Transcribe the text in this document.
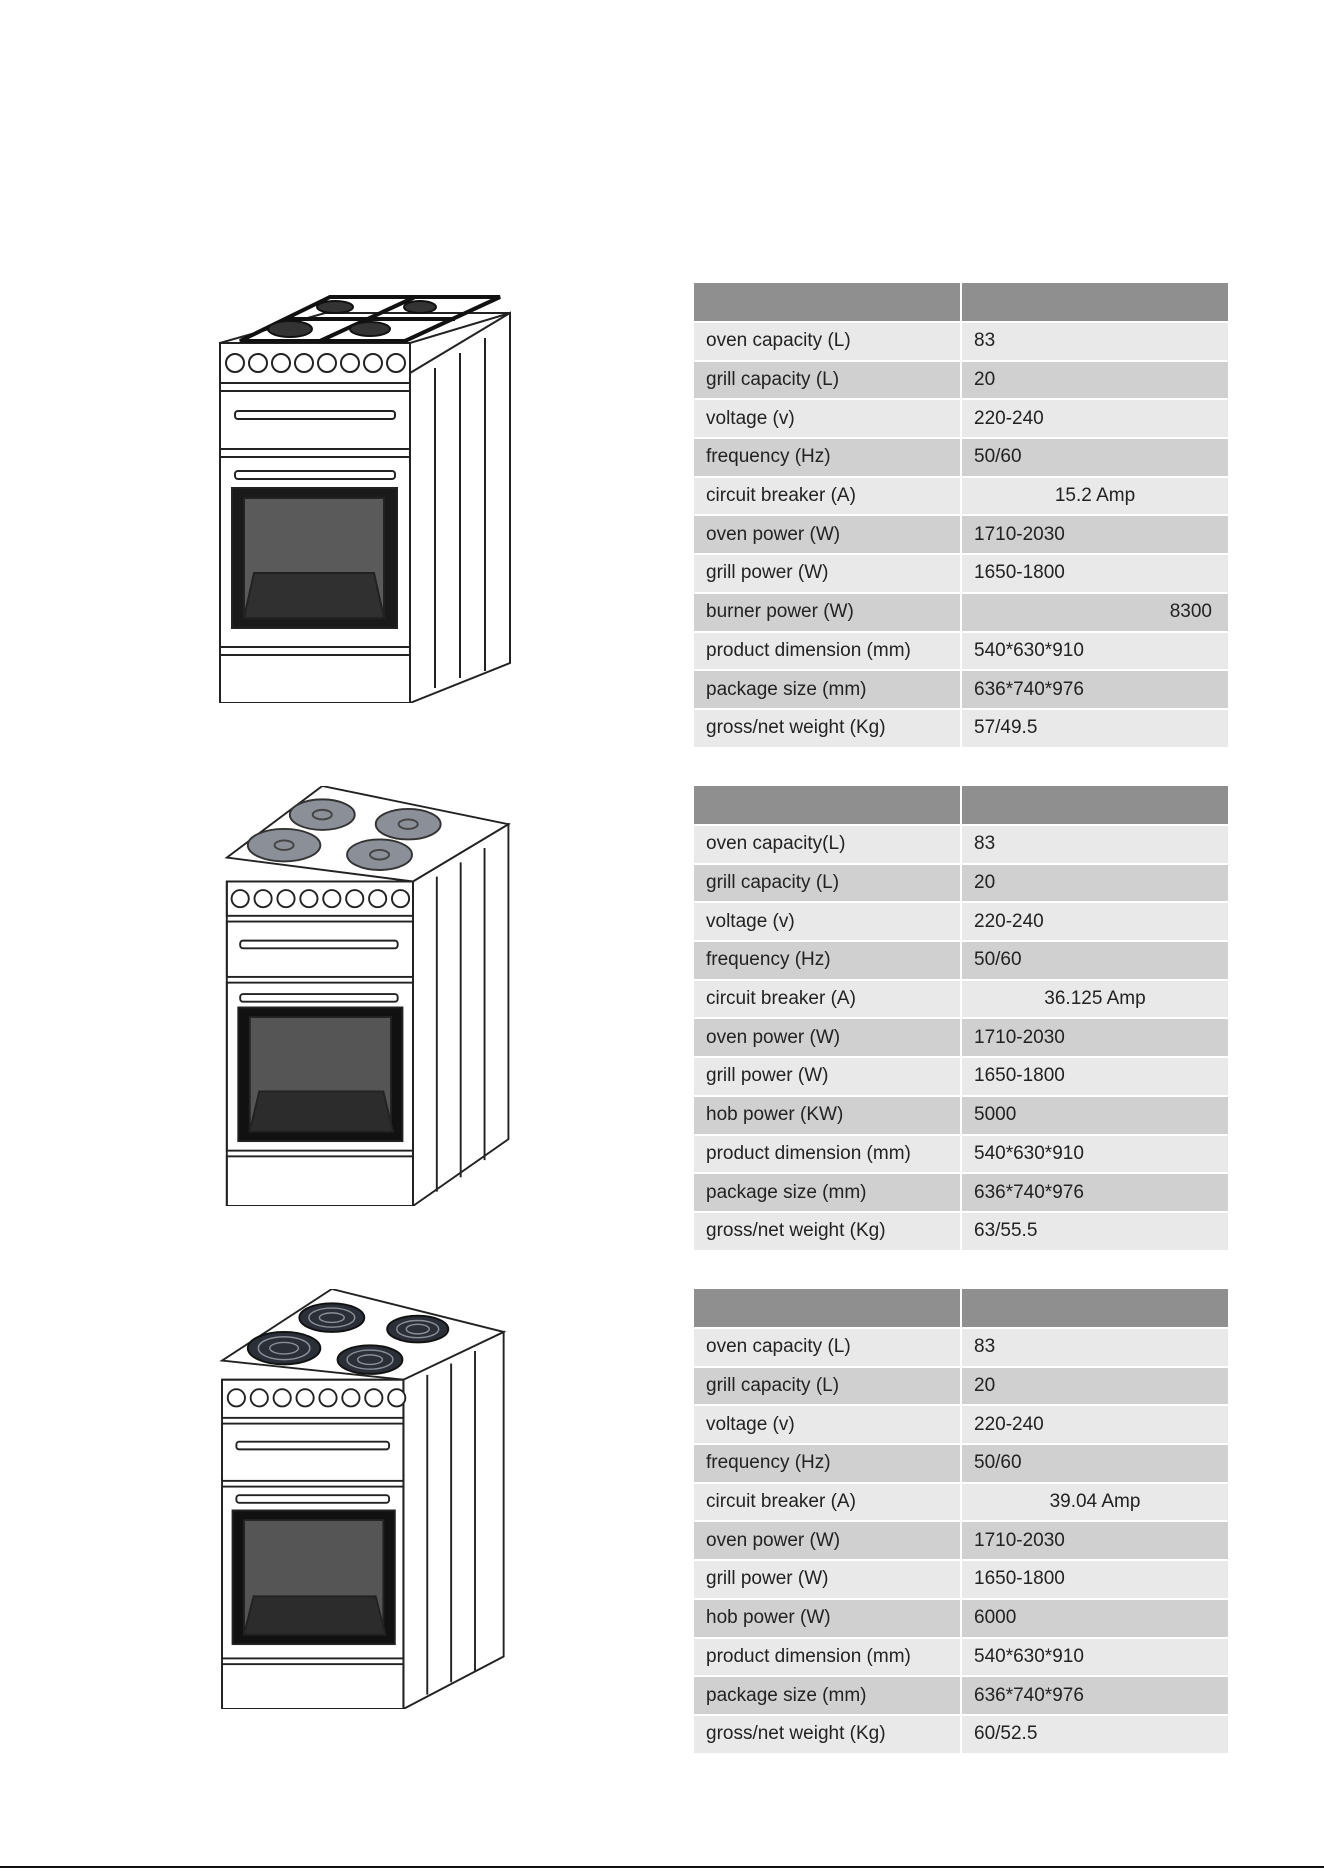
oven capacity (L)	83
grill capacity (L)	20
voltage (v)	220-240
frequency (Hz)	50/60
circuit breaker (A)	15.2 Amp
oven power (W)	1710-2030
grill power (W)	1650-1800
burner power (W)	8300
product dimension (mm)	540*630*910
package size (mm)	636*740*976
gross/net weight (Kg)	57/49.5

oven capacity(L)	83
grill capacity (L)	20
voltage (v)	220-240
frequency (Hz)	50/60
circuit breaker (A)	36.125 Amp
oven power (W)	1710-2030
grill power (W)	1650-1800
hob power (KW)	5000
product dimension (mm)	540*630*910
package size (mm)	636*740*976
gross/net weight (Kg)	63/55.5

oven capacity (L)	83
grill capacity (L)	20
voltage (v)	220-240
frequency (Hz)	50/60
circuit breaker (A)	39.04 Amp
oven power (W)	1710-2030
grill power (W)	1650-1800
hob power (W)	6000
product dimension (mm)	540*630*910
package size (mm)	636*740*976
gross/net weight (Kg)	60/52.5
